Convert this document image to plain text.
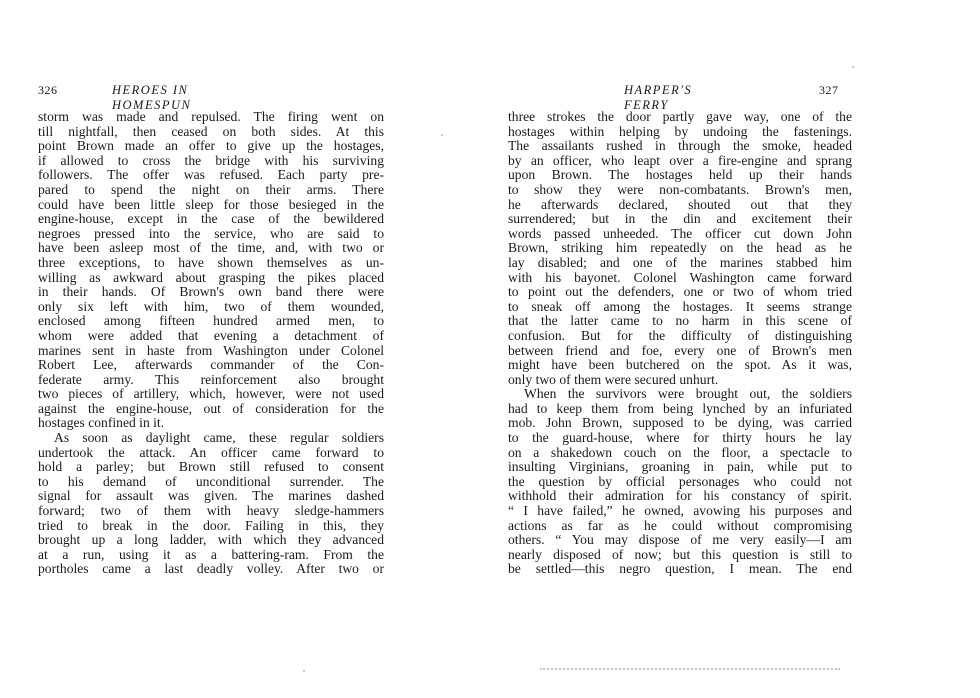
326	HEROES IN HOMESPUN
storm was made and repulsed. The firing went on
till nightfall, then ceased on both sides. At this
point Brown made an offer to give up the hostages,
if allowed to cross the bridge with his surviving
followers. The offer was refused. Each party pre-
pared to spend the night on their arms. There
could have been little sleep for those besieged in the
engine-house, except in the case of the bewildered
negroes pressed into the service, who are said to
have been asleep most of the time, and, with two or
three exceptions, to have shown themselves as un-
willing as awkward about grasping the pikes placed
in their hands. Of Brown's own band there were
only six left with him, two of them wounded,
enclosed among fifteen hundred armed men, to
whom were added that evening a detachment of
marines sent in haste from Washington under Colonel
Robert Lee, afterwards commander of the Con-
federate army. This reinforcement also brought
two pieces of artillery, which, however, were not used
against the engine-house, out of consideration for the
hostages confined in it.
As soon as daylight came, these regular soldiers
undertook the attack. An officer came forward to
hold a parley; but Brown still refused to consent
to his demand of unconditional surrender. The
signal for assault was given. The marines dashed
forward; two of them with heavy sledge-hammers
tried to break in the door. Failing in this, they
brought up a long ladder, with which they advanced
at a run, using it as a battering-ram. From the
portholes came a last deadly volley. After two or
HARPER'S FERRY
327
three strokes the door partly gave way, one of the
hostages within helping by undoing the fastenings.
The assailants rushed in through the smoke, headed
by an officer, who leapt over a fire-engine and sprang
upon Brown. The hostages held up their hands
to show they were non-combatants. Brown's men,
he afterwards declared, shouted out that they
surrendered; but in the din and excitement their
words passed unheeded. The officer cut down John
Brown, striking him repeatedly on the head as he
lay disabled; and one of the marines stabbed him
with his bayonet. Colonel Washington came forward
to point out the defenders, one or two of whom tried
to sneak off among the hostages. It seems strange
that the latter came to no harm in this scene of
confusion. But for the difficulty of distinguishing
between friend and foe, every one of Brown's men
might have been butchered on the spot. As it was,
only two of them were secured unhurt.
When the survivors were brought out, the soldiers
had to keep them from being lynched by an infuriated
mob. John Brown, supposed to be dying, was carried
to the guard-house, where for thirty hours he lay
on a shakedown couch on the floor, a spectacle to
insulting Virginians, groaning in pain, while put to
the question by official personages who could not
withhold their admiration for his constancy of spirit.
“ I have failed,” he owned, avowing his purposes and
actions as far as he could without compromising
others. “ You may dispose of me very easily—I am
nearly disposed of now; but this question is still to
be settled—this negro question, I mean. The end
